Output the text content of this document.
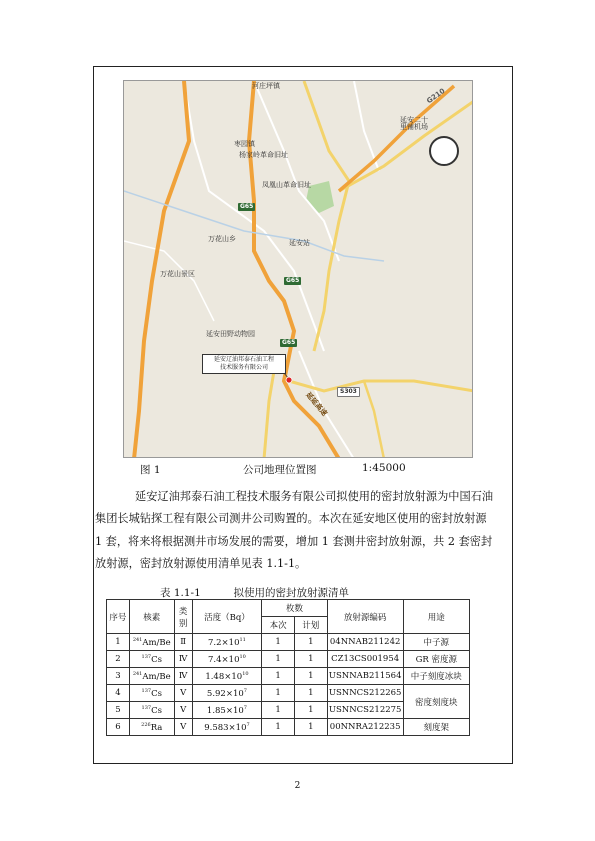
河庄坪镇
延安二十里铺机场
枣园镇
杨家岭革命旧址
凤凰山革命旧址
延安站
万花山乡
万花山景区
延安田野动物园
G65
G65
G65
G210
S303
延延高速
延安辽油邦泰石油工程
技术服务有限公司
图 1	公司地理位置图	1:45000
延安辽油邦泰石油工程技术服务有限公司拟使用的密封放射源为中国石油
集团长城钻探工程有限公司测井公司购置的。本次在延安地区使用的密封放射源
1 套，将来将根据测井市场发展的需要，增加 1 套测井密封放射源，共 2 套密封
放射源，密封放射源使用清单见表 1.1-1。
表 1.1-1	拟使用的密封放射源清单
序号	核素	类别	活度（Bq）	枚数		放射源编码	用途
				本次	计划		
1	$^{241}$Am/Be	Ⅱ	$7.2\times 10^{11}$	1	1	04NNAB211242	中子源
2	$^{137}$Cs	Ⅳ	$7.4\times 10^{10}$	1	1	CZ13CS001954	GR 密度源
3	$^{241}$Am/Be	Ⅳ	$1.48\times 10^{10}$	1	1	USNNAB211564	中子刻度冰块
4	$^{137}$Cs	Ⅴ	$5.92\times 10^7$	1	1	USNNCS212265	密度刻度块
5	$^{137}$Cs	Ⅴ	$1.85\times 10^7$	1	1	USNNCS212275	
6	$^{226}$Ra	Ⅴ	$9.583\times 10^7$	1	1	00NNRA212235	刻度架
2
